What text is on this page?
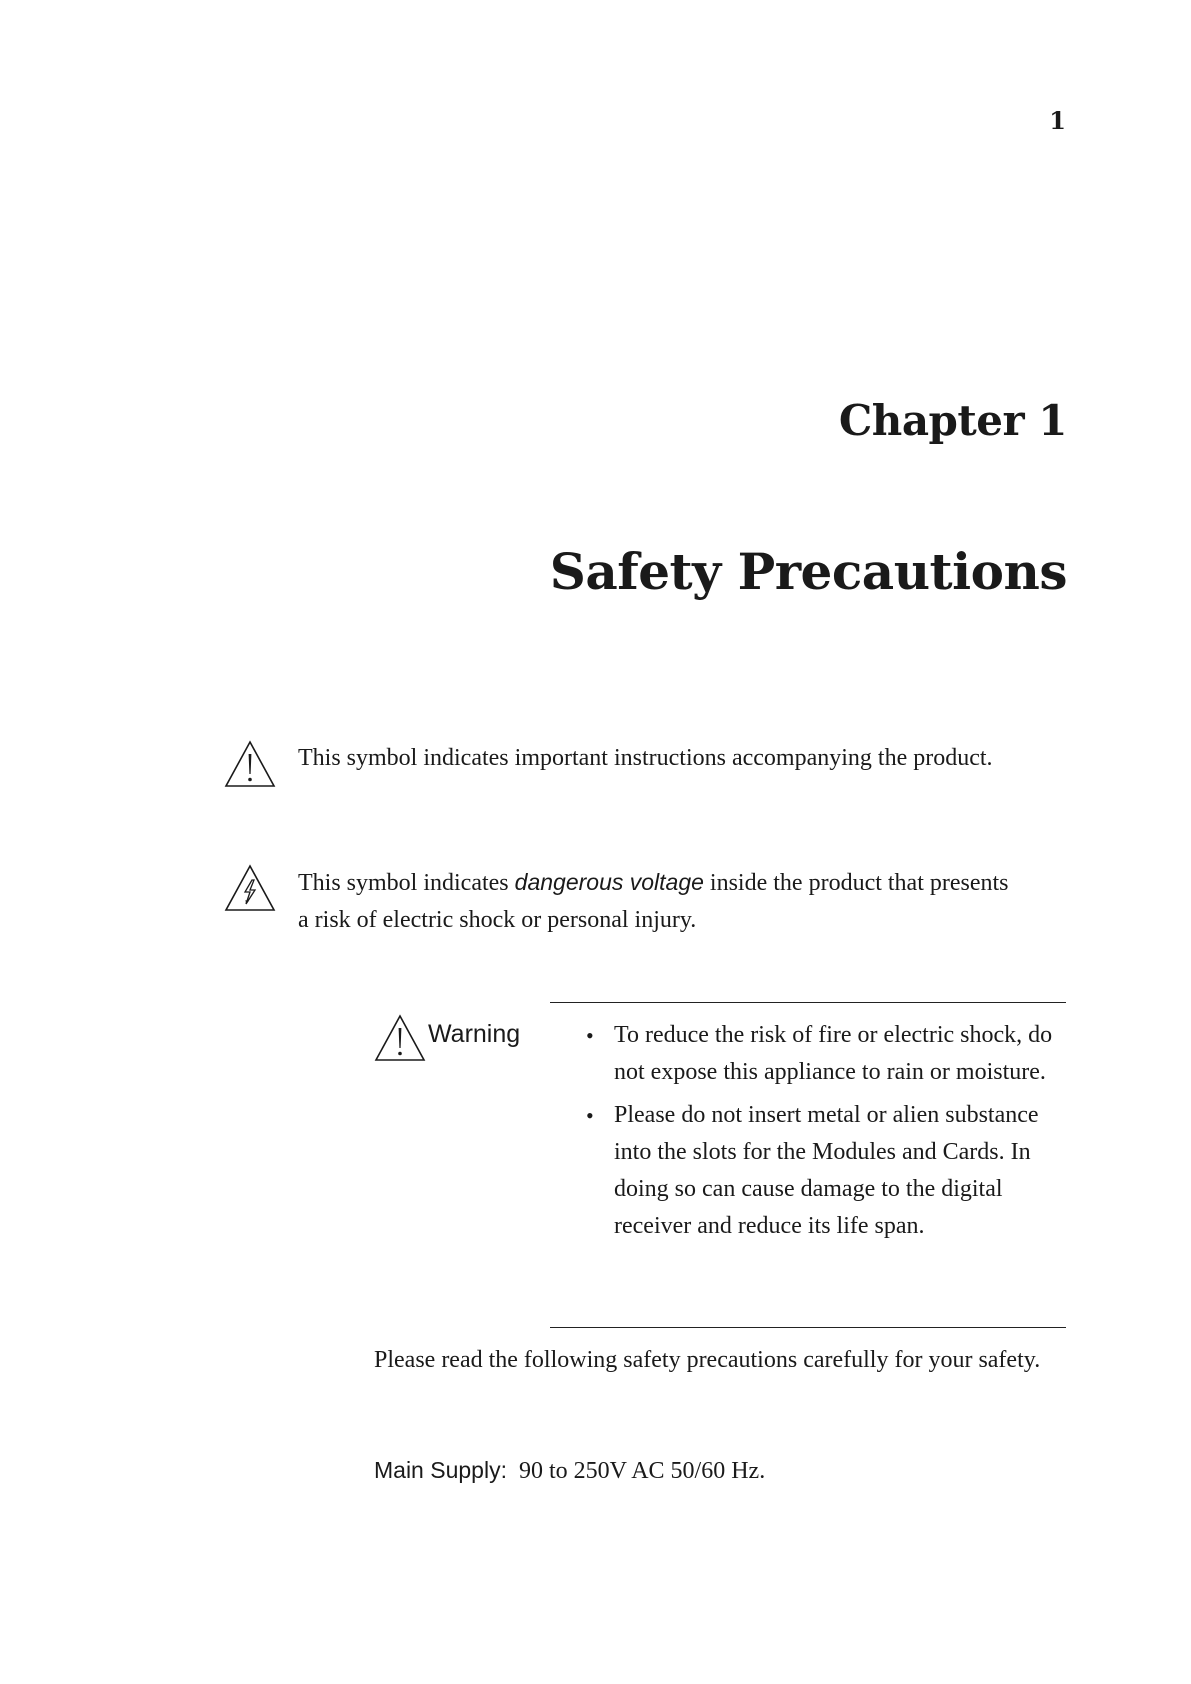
1
Chapter 1
Safety Precautions
This symbol indicates important instructions accompanying the product.
This symbol indicates dangerous voltage inside the product that presents a risk of electric shock or personal injury.
Warning	• To reduce the risk of fire or electric shock, do not expose this appliance to rain or moisture.
• Please do not insert metal or alien substance into the slots for the Modules and Cards. In doing so can cause damage to the digital receiver and reduce its life span.
Please read the following safety precautions carefully for your safety.
Main Supply: 90 to 250V AC 50/60 Hz.
